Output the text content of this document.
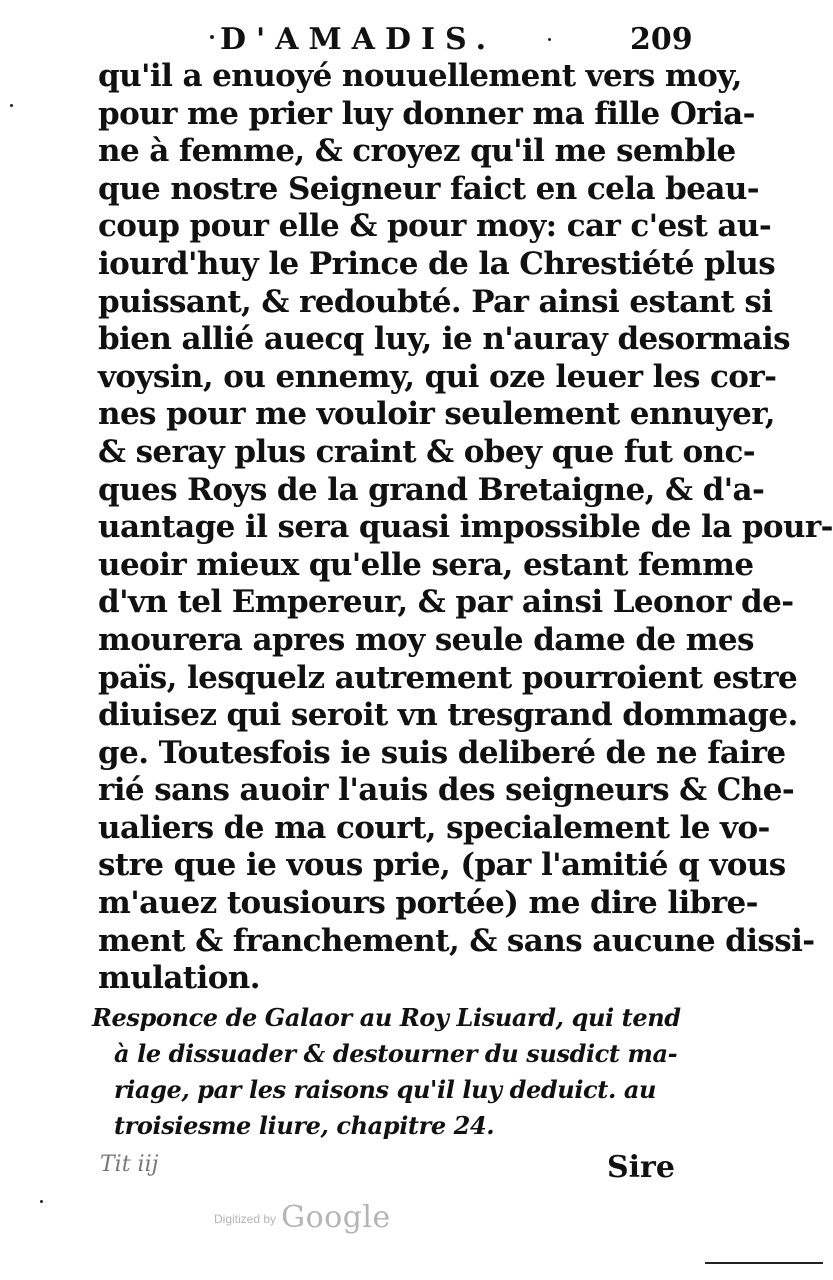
D'AMADIS.	209
qu'il a enuoyé nouuellement vers moy,
pour me prier luy donner ma fille Oria-
ne à femme, & croyez qu'il me semble
que nostre Seigneur faict en cela beau-
coup pour elle & pour moy: car c'est au-
iourd'huy le Prince de la Chrestiété plus
puissant, & redoubté. Par ainsi estant si
bien allié auecq luy, ie n'auray desormais
voysin, ou ennemy, qui oze leuer les cor-
nes pour me vouloir seulement ennuyer,
& seray plus craint & obey que fut onc-
ques Roys de la grand Bretaigne, & d'a-
uantage il sera quasi impossible de la pour-
ueoir mieux qu'elle sera, estant femme
d'vn tel Empereur, & par ainsi Leonor de-
mourera apres moy seule dame de mes
païs, lesquelz autrement pourroient estre
diuisez qui seroit vn tresgrand dommage.
ge. Toutesfois ie suis deliberé de ne faire
rié sans auoir l'auis des seigneurs & Che-
ualiers de ma court, specialement le vo-
stre que ie vous prie, (par l'amitié q vous
m'auez tousiours portée) me dire libre-
ment & franchement, & sans aucune dissi-
mulation.
Responce de Galaor au Roy Lisuard, qui tend
à le dissuader & destourner du susdict ma-
riage, par les raisons qu'il luy deduict. au
troisiesme liure, chapitre 24.
Tit iij	Sire
$^{Digitized by}$ Google
